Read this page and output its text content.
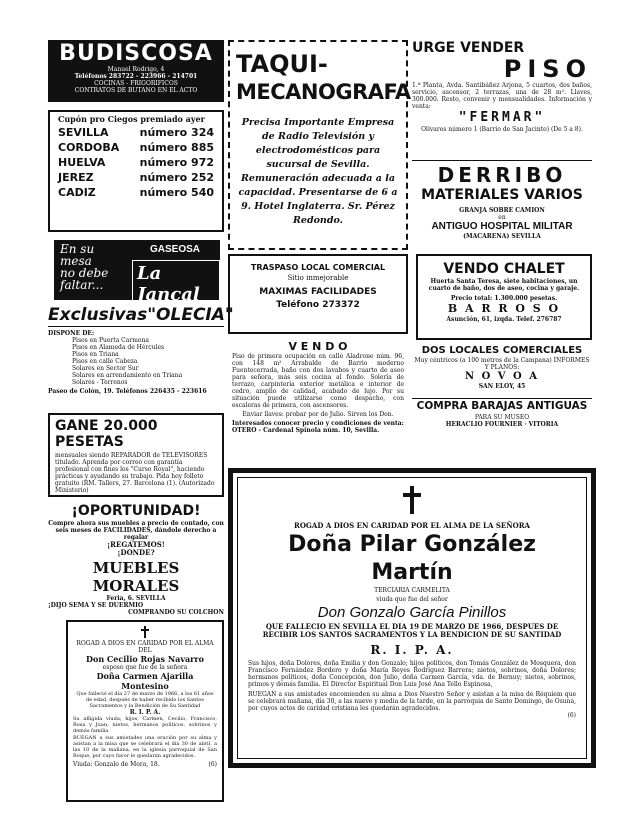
BUDISCOSA
Manuel Rodrigo, 4
Teléfonos 283722 - 223966 - 214701
COCINAS - FRIGORIFICOS
CONTRATOS DE BUTANO EN EL ACTO
Cupón pro Ciegos premiado ayer
SEVILLA	número 324
CORDOBA número 885
HUELVA	número 972
JEREZ	número 252
CADIZ	número 540
En su
mesa
no debe
faltar...
GASEOSA
La Jancal
Exclusivas"OLECIA"
DISPONE DE:
Pisos en Puerta Carmona
Pisos en Alameda de Hércules
Pisos en Triana
Pisos en calle Cabeza
Solares en Sector Sur
Solares en arrendamiento en Triana
Solares - Terrenos
Paseo de Colón, 19. Teléfonos 226435 - 223616
GANE 20.000 PESETAS
mensuales siendo REPARADOR de TELEVISORES titulado. Aprenda por correo con garantía profesional con fines los "Curso Royal", haciendo prácticas y ayudando su trabajo. Pida hoy folleto gratuito (RM. Tallers, 27. Barcelona (1). (Autorizado Ministerio)
¡OPORTUNIDAD!
Compre ahora sus muebles a precio de contado, con seis meses de FACILIDADES, dándole derecho a regalar
¡REGATEMOS!
¡DONDE?
MUEBLES MORALES
Feria, 6. SEVILLA
¡DIJO SEMA Y SE DUERMIO
COMPRANDO SU COLCHON
ROGAD A DIOS EN CARIDAD POR EL ALMA DEL
Don Cecilio Rojas Navarro
esposo que fue de la señora
Doña Carmen Ajarilla Montesino
Que falleció el día 27 de marzo de 1966, a los 61 años de edad, después de haber recibido los Santos Sacramentos y la Bendición de Su Santidad
R. I. P. A.
Su afligida viuda; hijos, Carmen, Cecilio, Francisco, Rosa y Juan; nietos, hermanos políticos, sobrinos y demás familia
RUEGAN a sus amistades una oración por su alma y asistan a la misa que se celebrará el día 30 de abril, a las 10 de la mañana, en la iglesia parroquial de San Roque, por cuyo favor le quedarán agradecidos.
Viuda: Gonzalo de Mora, 18.	(6)
TAQUI-
MECANOGRAFA
Precisa Importante Empresa de Radio Televisión y electrodomésticos para sucursal de Sevilla. Remuneración adecuada a la capacidad. Presentarse de 6 a 9. Hotel Inglaterra. Sr. Pérez Redondo.
TRASPASO LOCAL COMERCIAL
Sitio inmejorable
MAXIMAS FACILIDADES
Teléfono 273372
V E N D O
Piso de primera ocupación en calle Aladrone núm. 96, con 148 m² Arrabalde de Barrio moderno Fuentecerrada, baño con dos lavabos y cuarto de aseo para señora, más seis cocina al fondo. Solería de terrazo, carpintería exterior metálica e interior de cedro, amplio de calidad, acabado de lujo. Por su situación puede utilizarse como despacho, con escaleras de primera, con ascensores.
Enviar llaves: probar por de Julio. Sirven los Don.
Interesados conocer precio y condiciones de venta: OTERO - Cardenal Spínola núm. 10, Sevilla.
URGE VENDER
PISO
1.ª Planta, Avda. Santibáñez Arjona, 5 cuartos, dos baños, servicio, ascensor, 2 terrazas, una de 28 m². Llaves, 300.000. Resto, convenir y mensualidades. Información y venta:
"FERMAR"
Olivares número 1 (Barrio de San Jacinto) (De 5 a 8).
DERRIBO
MATERIALES VARIOS
GRANJA SOBRE CAMION
en
ANTIGUO HOSPITAL MILITAR
(MACARENA) SEVILLA
VENDO CHALET
Huerta Santa Teresa, siete habitaciones, un cuarto de baño, dos de aseo, cocina y garaje.
Precio total: 1.300.000 pesetas.
B A R R O S O
Asunción, 61, izqda. Telef. 276787
DOS LOCALES COMERCIALES
Muy céntricos (a 100 metros de la Campana) INFORMES Y PLANOS:
N O V O A
SAN ELOY, 45
COMPRA BARAJAS ANTIGUAS
PARA SU MUSEO
HERACLIO FOURNIER · VITORIA
ROGAD A DIOS EN CARIDAD POR EL ALMA DE LA SEÑORA
Doña Pilar González Martín
TERCIARIA CARMELITA
viuda que fue del señor
Don Gonzalo García Pinillos
QUE FALLECIO EN SEVILLA EL DIA 19 DE MARZO DE 1966, DESPUES DE RECIBIR LOS SANTOS SACRAMENTOS Y LA BENDICION DE SU SANTIDAD
R. I. P. A.
Sus hijos, doña Dolores, doña Emilia y don Gonzalo; hijos políticos, don Tomás González de Mosquera, don Francisco Fernández Bordero y doña María Reyes Rodríguez Barrera; nietos, sobrinos, doña Dolores; hermanos políticos, doña Concepción, don Julio, doña Carmen García, vda. de Bernuy; nietos, sobrinos, primos y demás familia. El Director Espiritual Don Luis José Ana Tello Espinosa,
RUEGAN a sus amistades encomienden su alma a Dios Nuestro Señor y asistan a la misa de Réquiem que se celebrará mañana, día 30, a las nueve y media de la tarde, en la parroquia de Santo Domingo, de Osuna, por cuyos actos de caridad cristiana les quedarán agradecidos.
(6)
